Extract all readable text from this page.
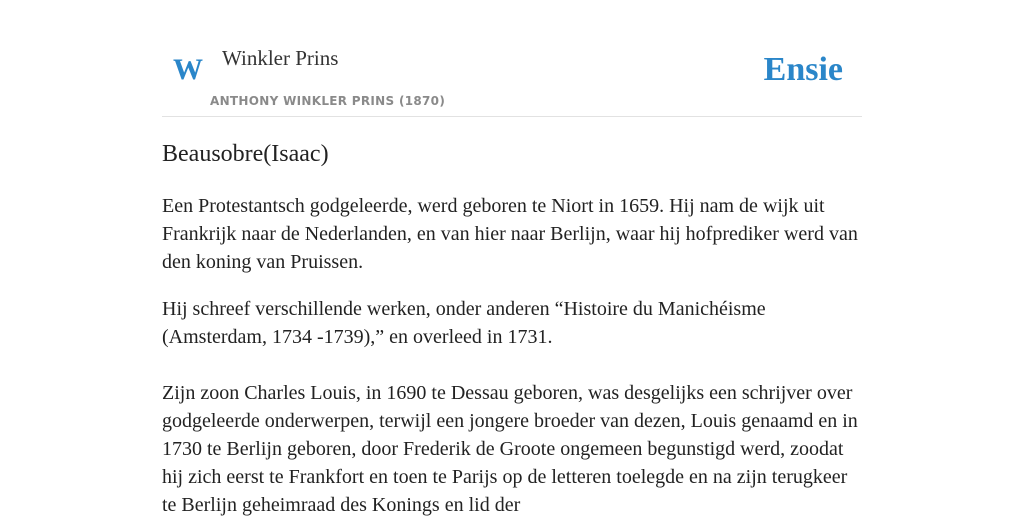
W Winkler Prins
ANTHONY WINKLER PRINS (1870)
Ensie
Beausobre(Isaac)

Een Protestantsch godgeleerde, werd geboren te Niort in 1659. Hij nam de wijk uit Frankrijk naar de Nederlanden, en van hier naar Berlijn, waar hij hofprediker werd van den koning van Pruissen.

Hij schreef verschillende werken, onder anderen “Histoire du Manichéisme (Amsterdam, 1734 -1739),” en overleed in 1731.

Zijn zoon Charles Louis, in 1690 te Dessau geboren, was desgelijks een schrijver over godgeleerde onderwerpen, terwijl een jongere broeder van dezen, Louis genaamd en in 1730 te Berlijn geboren, door Frederik de Groote ongemeen begunstigd werd, zoodat hij zich eerst te Frankfort en toen te Parijs op de letteren toelegde en na zijn terugkeer te Berlijn geheimraad des Konings en lid der
